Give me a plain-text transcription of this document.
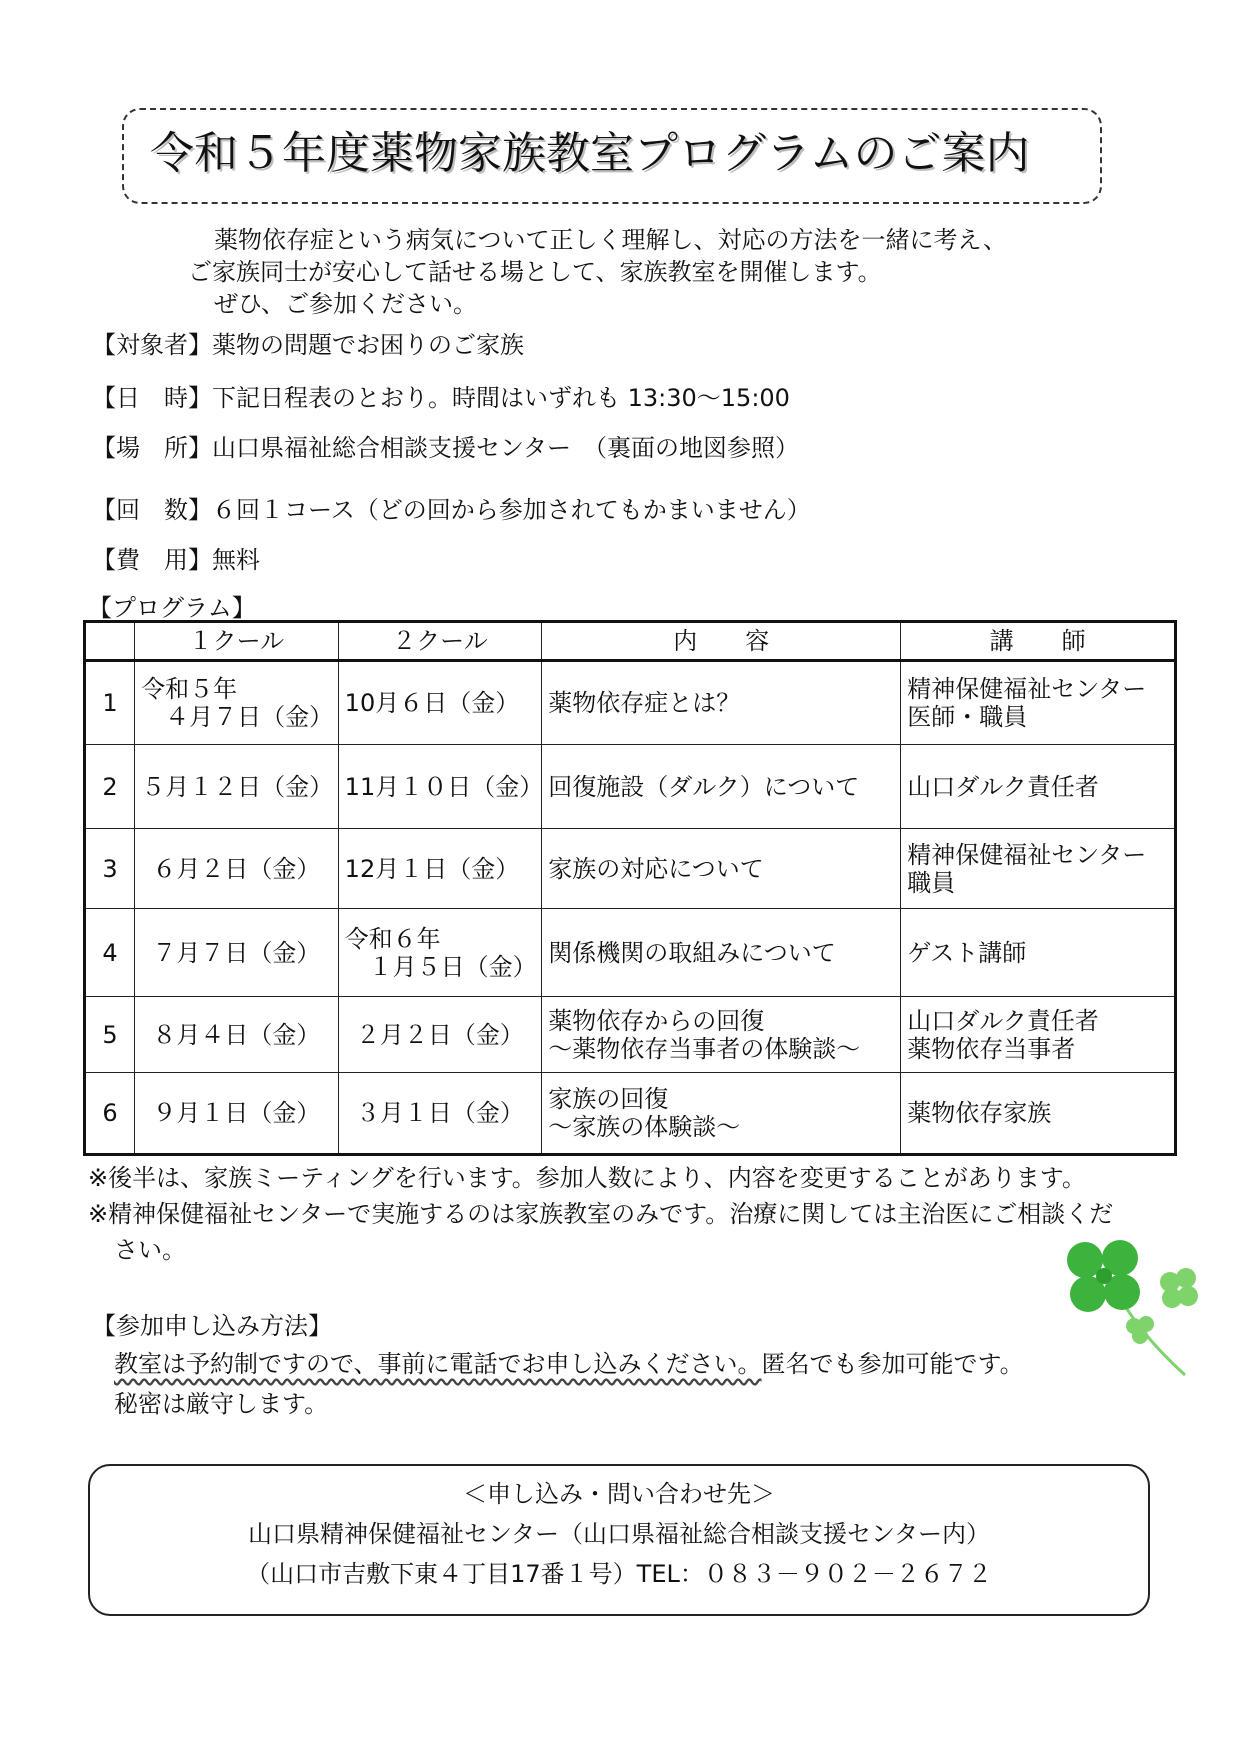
令和５年度薬物家族教室プログラムのご案内
薬物依存症という病気について正しく理解し、対応の方法を一緒に考え、
ご家族同士が安心して話せる場として、家族教室を開催します。
ぜひ、ご参加ください。
【対象者】薬物の問題でお困りのご家族
【日　時】下記日程表のとおり。時間はいずれも 13:30～15:00
【場　所】山口県福祉総合相談支援センター　（裏面の地図参照）
【回　数】６回１コース（どの回から参加されてもかまいません）
【費　用】無料
【プログラム】
	１クール	２クール	内　　容	講　　師
1	令和５年
　４月７日（金）	10月６日（金）	薬物依存症とは？	精神保健福祉センター
医師・職員
2	５月１２日（金）	11月１０日（金）	回復施設（ダルク）について	山口ダルク責任者
3	６月２日（金）	12月１日（金）	家族の対応について	精神保健福祉センター
職員
4	７月７日（金）	令和６年
　１月５日（金）	関係機関の取組みについて	ゲスト講師
5	８月４日（金）	２月２日（金）	薬物依存からの回復
～薬物依存当事者の体験談～	山口ダルク責任者
薬物依存当事者
6	９月１日（金）	３月１日（金）	家族の回復
～家族の体験談～	薬物依存家族
※後半は、家族ミーティングを行います。参加人数により、内容を変更することがあります。
※精神保健福祉センターで実施するのは家族教室のみです。治療に関しては主治医にご相談くだ
さい。
【参加申し込み方法】
教室は予約制ですので、事前に電話でお申し込みください。匿名でも参加可能です。
秘密は厳守します。
＜申し込み・問い合わせ先＞
山口県精神保健福祉センター（山口県福祉総合相談支援センター内）
（山口市吉敷下東４丁目17番１号）TEL：０８３－９０２－２６７２
